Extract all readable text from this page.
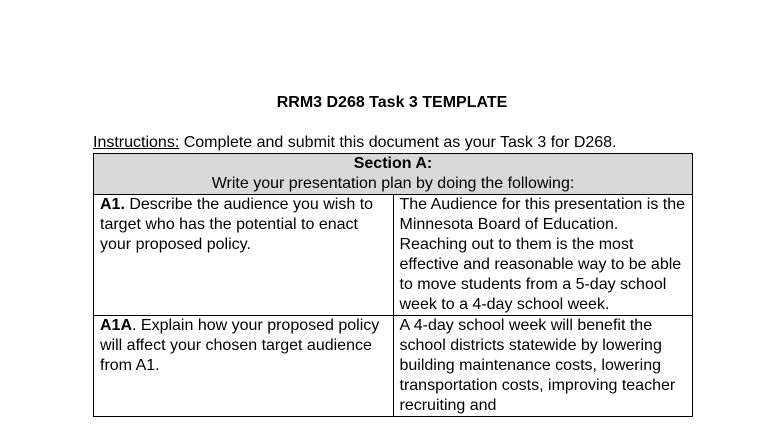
RRM3 D268 Task 3 TEMPLATE
Instructions: Complete and submit this document as your Task 3 for D268.
Section A:
Write your presentation plan by doing the following:	

A1. Describe the audience you wish to target who has the potential to enact your proposed policy.	The Audience for this presentation is the Minnesota Board of Education. Reaching out to them is the most effective and reasonable way to be able to move students from a 5-day school week to a 4-day school week.
A1A. Explain how your proposed policy will affect your chosen target audience from A1.	A 4-day school week will benefit the school districts statewide by lowering building maintenance costs, lowering transportation costs, improving teacher recruiting and
